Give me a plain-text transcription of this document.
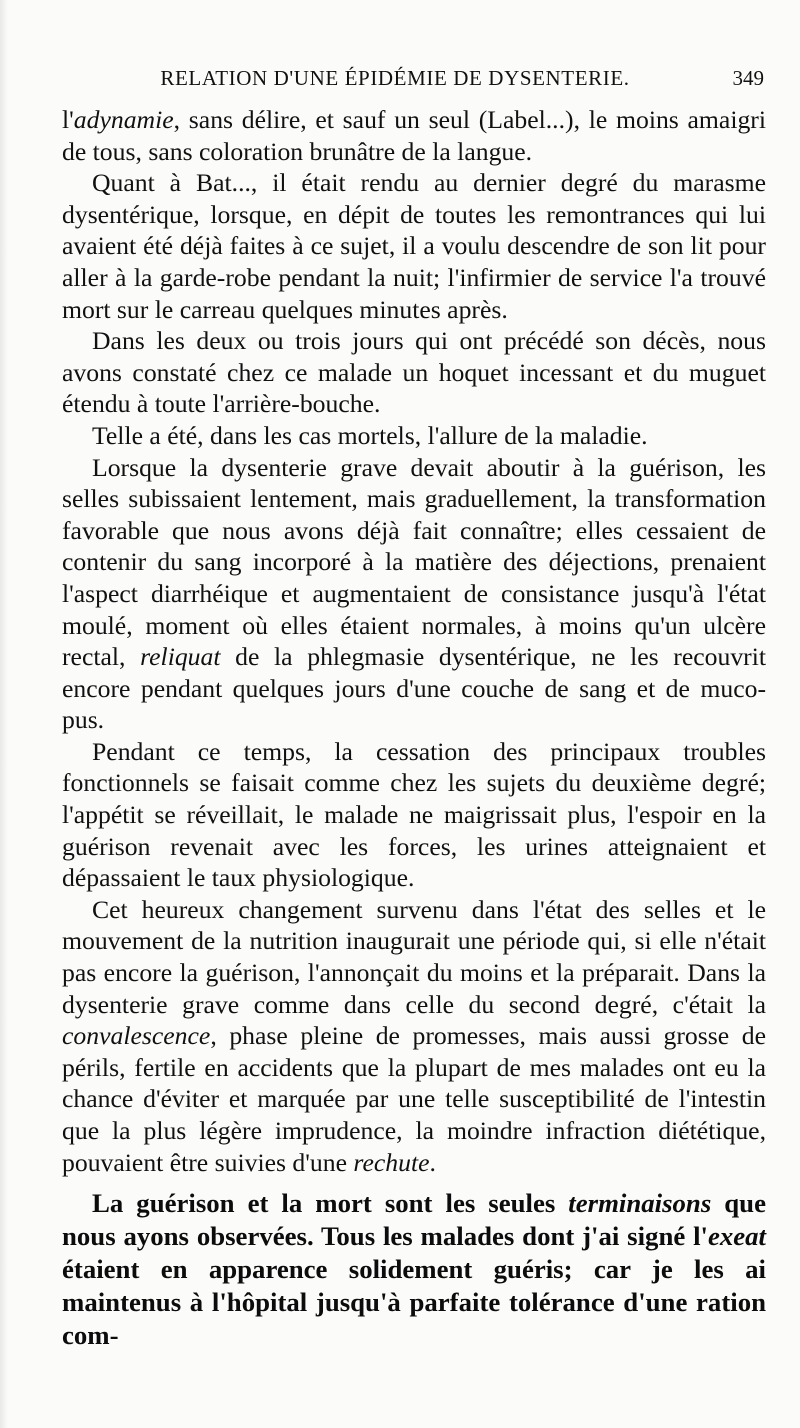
RELATION D'UNE ÉPIDÉMIE DE DYSENTERIE.	349

l'adynamie, sans délire, et sauf un seul (Label...), le moins amaigri de tous, sans coloration brunâtre de la langue.

Quant à Bat..., il était rendu au dernier degré du marasme dysentérique, lorsque, en dépit de toutes les remontrances qui lui avaient été déjà faites à ce sujet, il a voulu descendre de son lit pour aller à la garde-robe pendant la nuit; l'infirmier de service l'a trouvé mort sur le carreau quelques minutes après.

Dans les deux ou trois jours qui ont précédé son décès, nous avons constaté chez ce malade un hoquet incessant et du muguet étendu à toute l'arrière-bouche.

Telle a été, dans les cas mortels, l'allure de la maladie.

Lorsque la dysenterie grave devait aboutir à la guérison, les selles subissaient lentement, mais graduellement, la transformation favorable que nous avons déjà fait connaître; elles cessaient de contenir du sang incorporé à la matière des déjections, prenaient l'aspect diarrhéique et augmentaient de consistance jusqu'à l'état moulé, moment où elles étaient normales, à moins qu'un ulcère rectal, reliquat de la phlegmasie dysentérique, ne les recouvrit encore pendant quelques jours d'une couche de sang et de muco-pus.

Pendant ce temps, la cessation des principaux troubles fonctionnels se faisait comme chez les sujets du deuxième degré; l'appétit se réveillait, le malade ne maigrissait plus, l'espoir en la guérison revenait avec les forces, les urines atteignaient et dépassaient le taux physiologique.

Cet heureux changement survenu dans l'état des selles et le mouvement de la nutrition inaugurait une période qui, si elle n'était pas encore la guérison, l'annonçait du moins et la préparait. Dans la dysenterie grave comme dans celle du second degré, c'était la convalescence, phase pleine de promesses, mais aussi grosse de périls, fertile en accidents que la plupart de mes malades ont eu la chance d'éviter et marquée par une telle susceptibilité de l'intestin que la plus légère imprudence, la moindre infraction diététique, pouvaient être suivies d'une rechute.

La guérison et la mort sont les seules terminaisons que nous ayons observées. Tous les malades dont j'ai signé l'exeat étaient en apparence solidement guéris; car je les ai maintenus à l'hôpital jusqu'à parfaite tolérance d'une ration com-
